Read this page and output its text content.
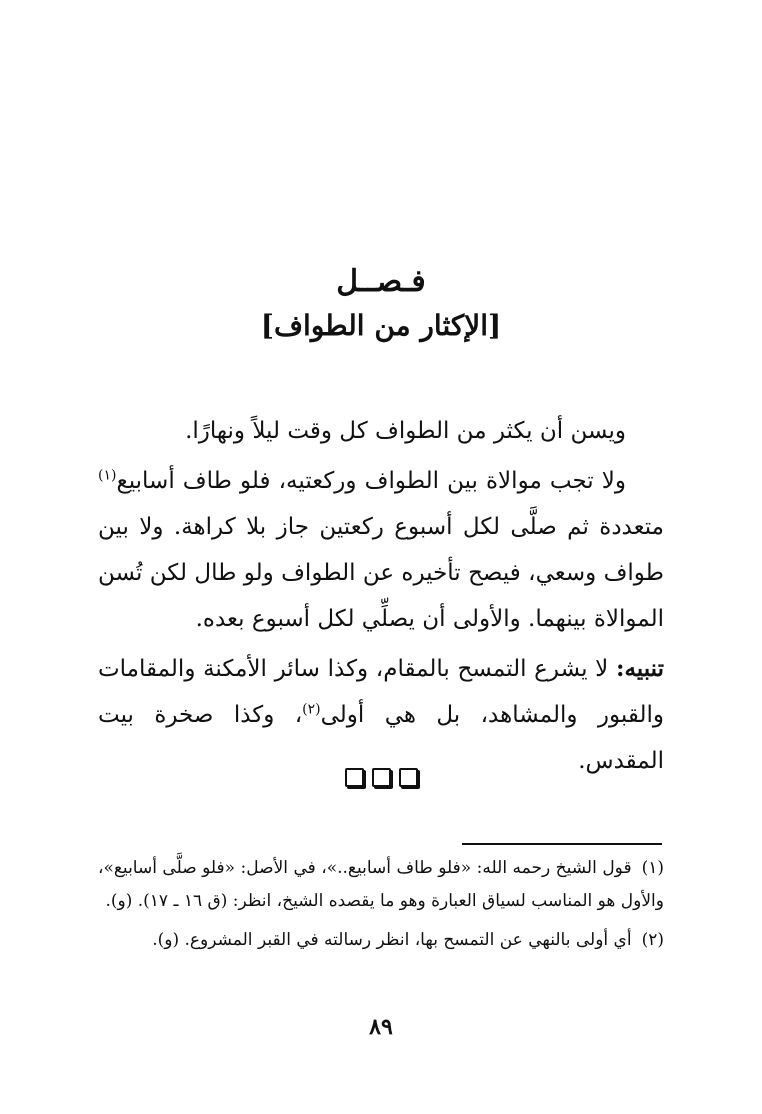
فـصــل
[الإكثار من الطواف]

ويسن أن يكثر من الطواف كل وقت ليلاً ونهارًا.

ولا تجب موالاة بين الطواف وركعتيه، فلو طاف أسابيع$^{(١)}$ متعددة ثم صلَّى لكل أسبوع ركعتين جاز بلا كراهة. ولا بين طواف وسعي، فيصح تأخيره عن الطواف ولو طال لكن تُسن الموالاة بينهما. والأولى أن يصلِّي لكل أسبوع بعده.

تنبيه: لا يشرع التمسح بالمقام، وكذا سائر الأمكنة والمقامات والقبور والمشاهد، بل هي أولى$^{(٢)}$، وكذا صخرة بيت المقدس.

(١)قول الشيخ رحمه الله: «فلو طاف أسابيع..»، في الأصل: «فلو صلَّى أسابيع»، والأول هو المناسب لسياق العبارة وهو ما يقصده الشيخ، انظر: (ق ١٦ ـ ١٧). (و).

(٢)أي أولى بالنهي عن التمسح بها، انظر رسالته في القبر المشروع. (و).

٨٩
